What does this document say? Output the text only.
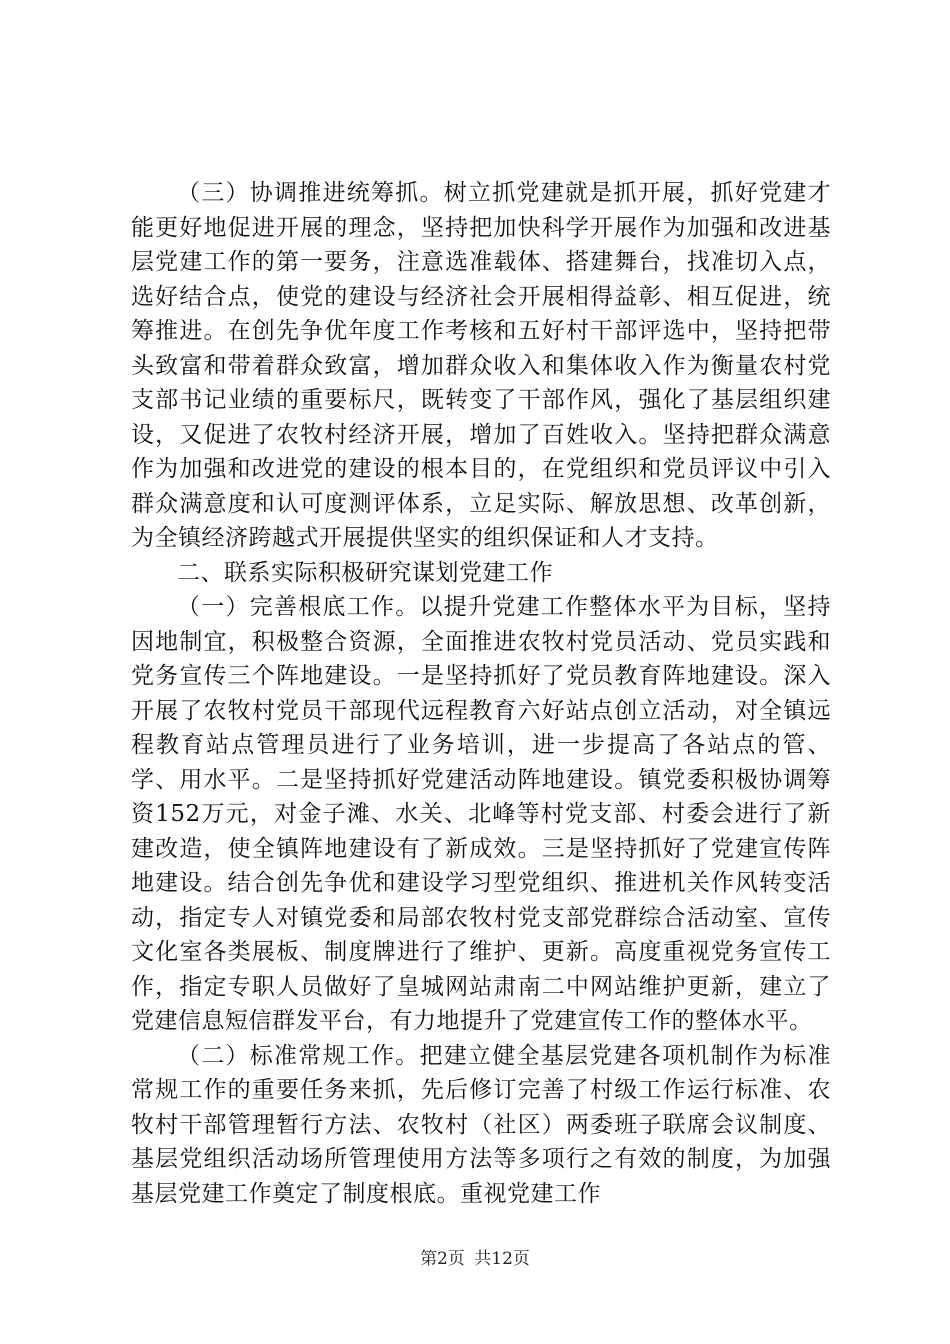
（三）协调推进统筹抓。树立抓党建就是抓开展，抓好党建才能更好地促进开展的理念，坚持把加快科学开展作为加强和改进基层党建工作的第一要务，注意选准载体、搭建舞台，找准切入点，选好结合点，使党的建设与经济社会开展相得益彰、相互促进，统筹推进。在创先争优年度工作考核和五好村干部评选中，坚持把带头致富和带着群众致富，增加群众收入和集体收入作为衡量农村党支部书记业绩的重要标尺，既转变了干部作风，强化了基层组织建设，又促进了农牧村经济开展，增加了百姓收入。坚持把群众满意作为加强和改进党的建设的根本目的，在党组织和党员评议中引入群众满意度和认可度测评体系，立足实际、解放思想、改革创新，为全镇经济跨越式开展提供坚实的组织保证和人才支持。

二、联系实际积极研究谋划党建工作

（一）完善根底工作。以提升党建工作整体水平为目标，坚持因地制宜，积极整合资源，全面推进农牧村党员活动、党员实践和党务宣传三个阵地建设。一是坚持抓好了党员教育阵地建设。深入开展了农牧村党员干部现代远程教育六好站点创立活动，对全镇远程教育站点管理员进行了业务培训，进一步提高了各站点的管、学、用水平。二是坚持抓好党建活动阵地建设。镇党委积极协调筹资152万元，对金子滩、水关、北峰等村党支部、村委会进行了新建改造，使全镇阵地建设有了新成效。三是坚持抓好了党建宣传阵地建设。结合创先争优和建设学习型党组织、推进机关作风转变活动，指定专人对镇党委和局部农牧村党支部党群综合活动室、宣传文化室各类展板、制度牌进行了维护、更新。高度重视党务宣传工作，指定专职人员做好了皇城网站肃南二中网站维护更新，建立了党建信息短信群发平台，有力地提升了党建宣传工作的整体水平。

（二）标准常规工作。把建立健全基层党建各项机制作为标准常规工作的重要任务来抓，先后修订完善了村级工作运行标准、农牧村干部管理暂行方法、农牧村（社区）两委班子联席会议制度、基层党组织活动场所管理使用方法等多项行之有效的制度，为加强基层党建工作奠定了制度根底。重视党建工作

第2页 共12页
